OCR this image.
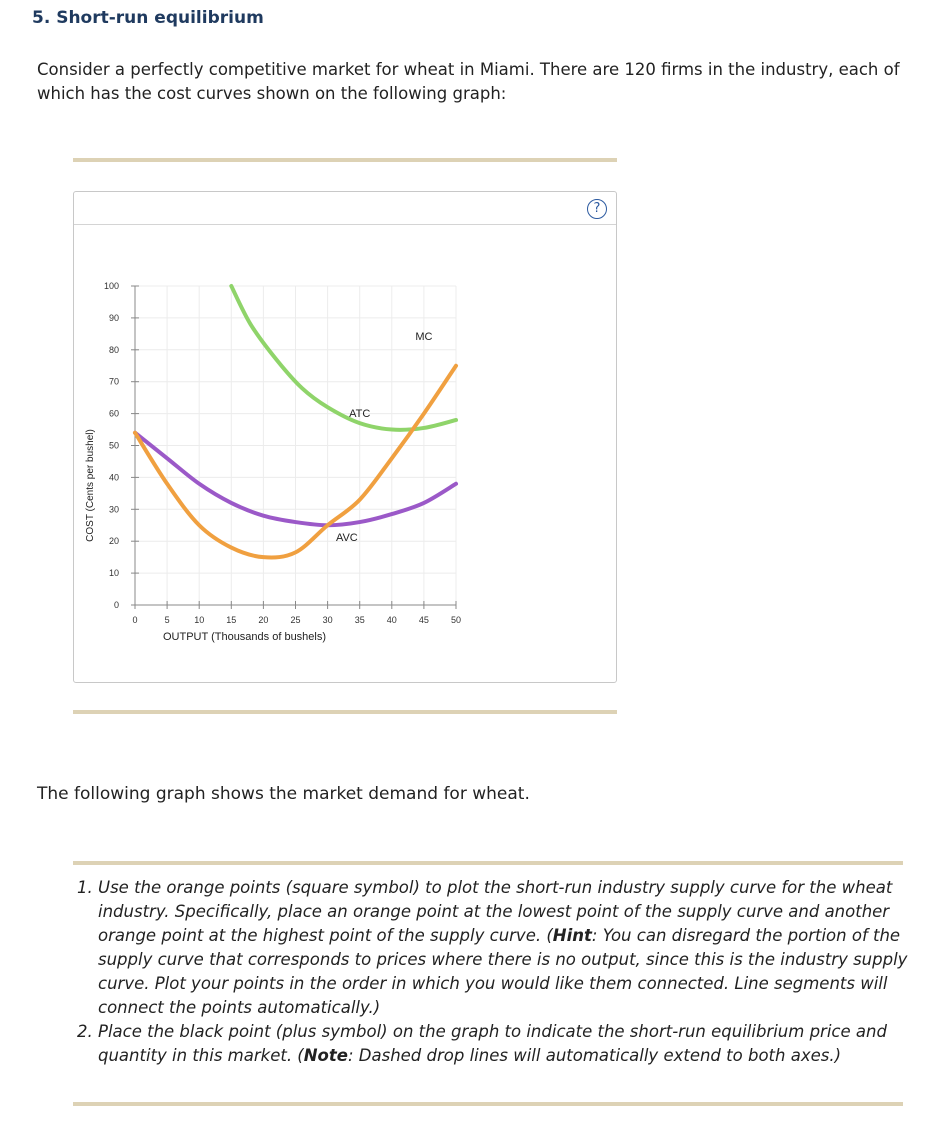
5. Short-run equilibrium
Consider a perfectly competitive market for wheat in Miami. There are 120 firms in the industry, each of which has the cost curves shown on the following graph:
?
0
10
20
30
40
50
60
70
80
90
100
0	5	10 15 20 25 30 35 40 45 50
OUTPUT (Thousands of bushels)
COST (Cents per bushel)
MC
ATC
AVC
The following graph shows the market demand for wheat.
1. Use the orange points (square symbol) to plot the short-run industry supply curve for the wheat industry. Specifically, place an orange point at the lowest point of the supply curve and another orange point at the highest point of the supply curve. (Hint: You can disregard the portion of the supply curve that corresponds to prices where there is no output, since this is the industry supply curve. Plot your points in the order in which you would like them connected. Line segments will connect the points automatically.)
2. Place the black point (plus symbol) on the graph to indicate the short-run equilibrium price and quantity in this market. (Note: Dashed drop lines will automatically extend to both axes.)
